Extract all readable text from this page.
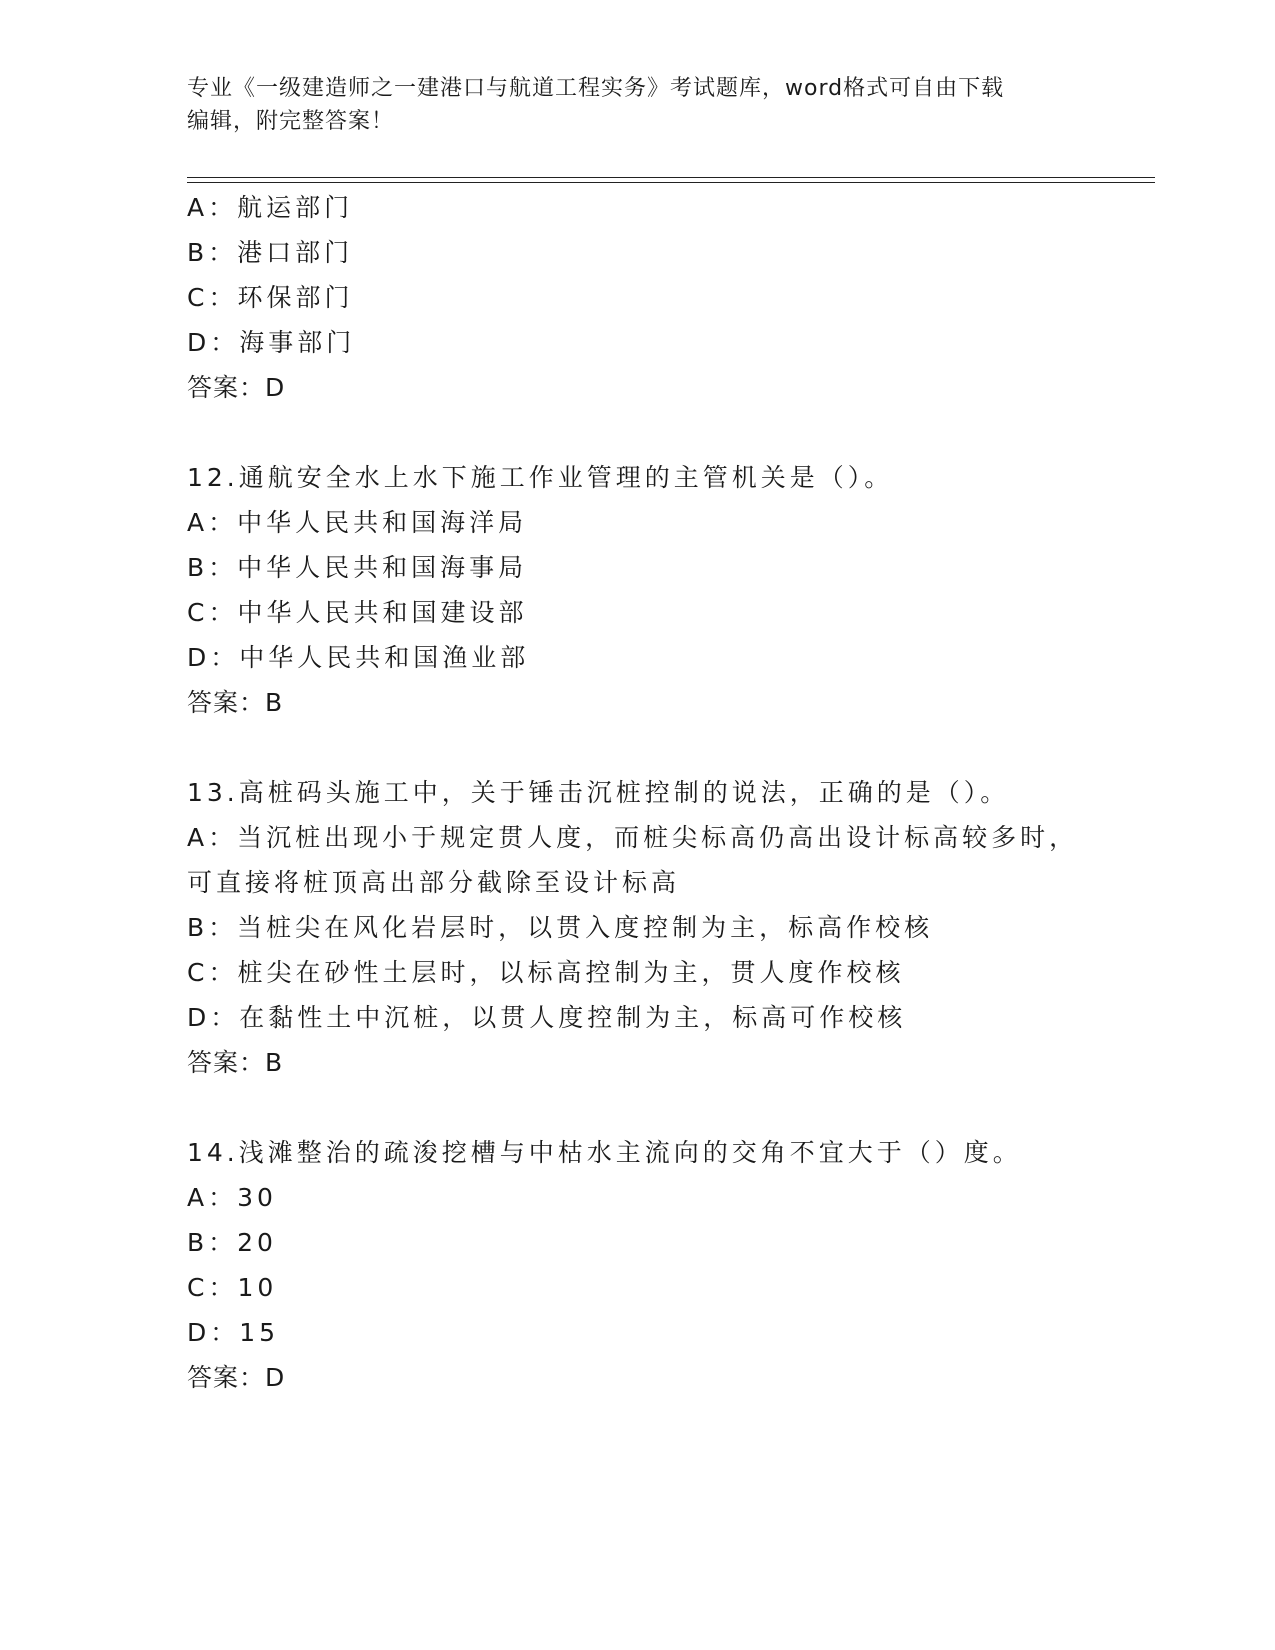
专业《一级建造师之一建港口与航道工程实务》考试题库，word格式可自由下载
编辑，附完整答案！
A：航运部门
B：港口部门
C：环保部门
D：海事部门
答案：D
12.通航安全水上水下施工作业管理的主管机关是（）。
A：中华人民共和国海洋局
B：中华人民共和国海事局
C：中华人民共和国建设部
D：中华人民共和国渔业部
答案：B
13.高桩码头施工中，关于锤击沉桩控制的说法，正确的是（）。
A：当沉桩出现小于规定贯人度，而桩尖标高仍高出设计标高较多时，
可直接将桩顶高出部分截除至设计标高
B：当桩尖在风化岩层时，以贯入度控制为主，标高作校核
C：桩尖在砂性土层时，以标高控制为主，贯人度作校核
D：在黏性土中沉桩，以贯人度控制为主，标高可作校核
答案：B
14.浅滩整治的疏浚挖槽与中枯水主流向的交角不宜大于（）度。
A：30
B：20
C：10
D：15
答案：D
